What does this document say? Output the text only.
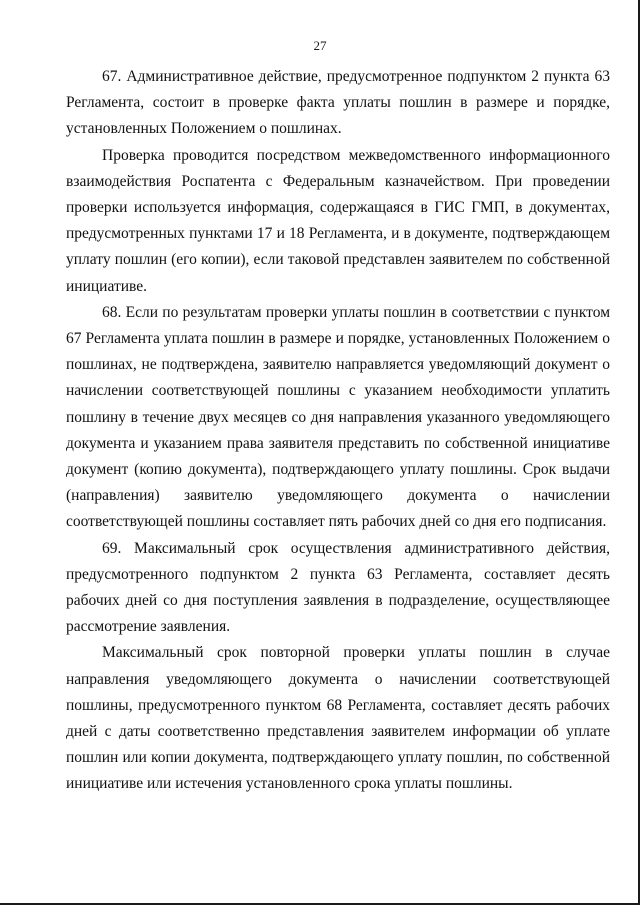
27

67. Административное действие, предусмотренное подпунктом 2 пункта 63 Регламента, состоит в проверке факта уплаты пошлин в размере и порядке, установленных Положением о пошлинах.

Проверка проводится посредством межведомственного информационного взаимодействия Роспатента с Федеральным казначейством. При проведении проверки используется информация, содержащаяся в ГИС ГМП, в документах, предусмотренных пунктами 17 и 18 Регламента, и в документе, подтверждающем уплату пошлин (его копии), если таковой представлен заявителем по собственной инициативе.

68. Если по результатам проверки уплаты пошлин в соответствии с пунктом 67 Регламента уплата пошлин в размере и порядке, установленных Положением о пошлинах, не подтверждена, заявителю направляется уведомляющий документ о начислении соответствующей пошлины с указанием необходимости уплатить пошлину в течение двух месяцев со дня направления указанного уведомляющего документа и указанием права заявителя представить по собственной инициативе документ (копию документа), подтверждающего уплату пошлины. Срок выдачи (направления) заявителю уведомляющего документа о начислении соответствующей пошлины составляет пять рабочих дней со дня его подписания.

69. Максимальный срок осуществления административного действия, предусмотренного подпунктом 2 пункта 63 Регламента, составляет десять рабочих дней со дня поступления заявления в подразделение, осуществляющее рассмотрение заявления.

Максимальный срок повторной проверки уплаты пошлин в случае направления уведомляющего документа о начислении соответствующей пошлины, предусмотренного пунктом 68 Регламента, составляет десять рабочих дней с даты соответственно представления заявителем информации об уплате пошлин или копии документа, подтверждающего уплату пошлин, по собственной инициативе или истечения установленного срока уплаты пошлины.
